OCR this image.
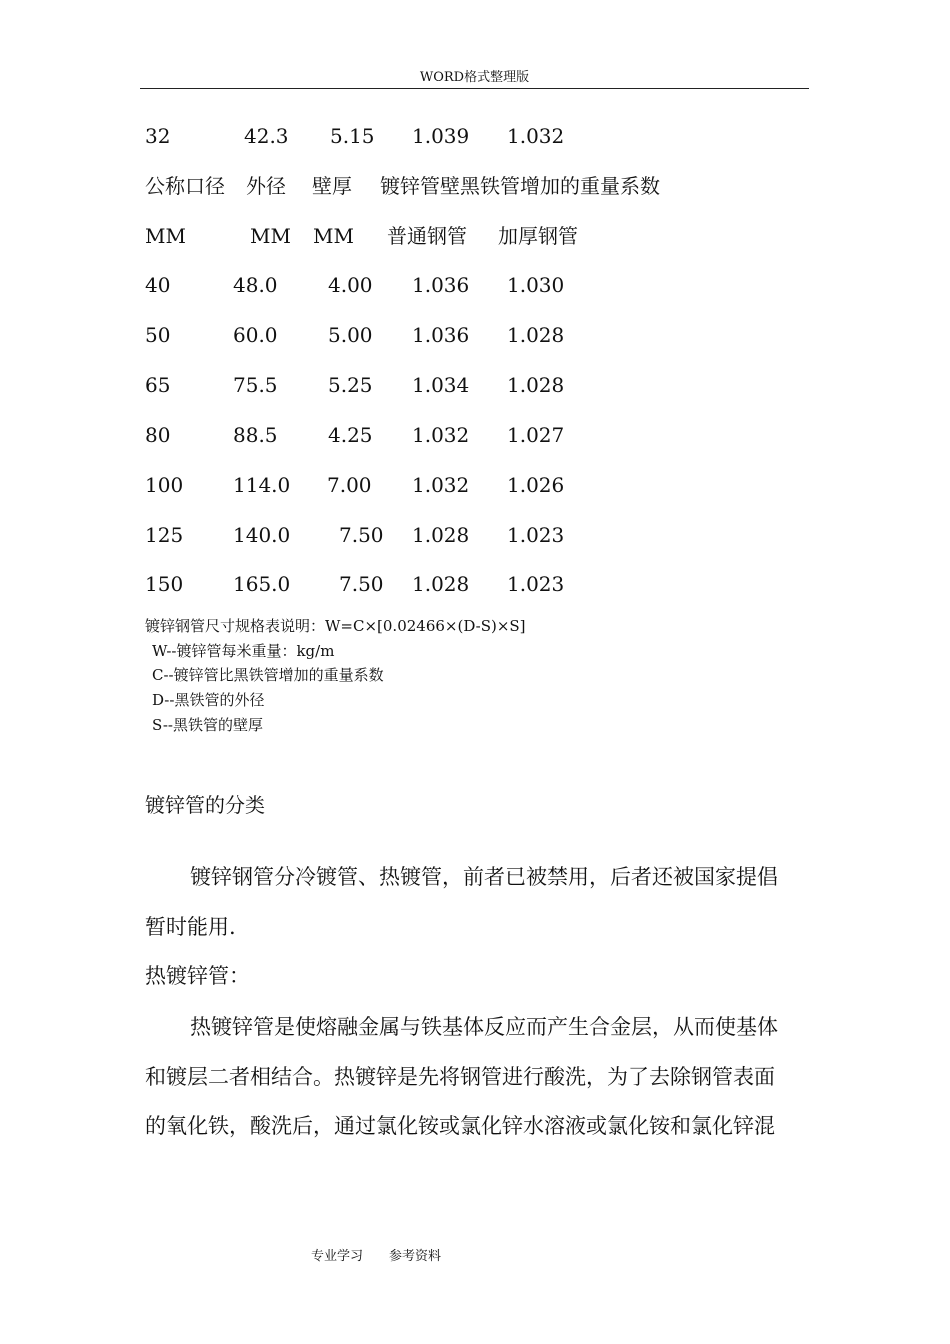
WORD格式整理版
32	42.3 5.15 1.039 1.032
公称口径 外径 壁厚 镀锌管壁黑铁管增加的重量系数
MM	MM MM 普通钢管 加厚钢管
40	48.0	4.00 1.036 1.030
50	60.0	5.00 1.036 1.028
65	75.5	5.25 1.034 1.028
80	88.5	4.25 1.032 1.027
100 114.0 7.00 1.032 1.026
125 140.0 7.50 1.028 1.023
150 165.0 7.50 1.028 1.023
镀锌钢管尺寸规格表说明：W=C×[0.02466×(D-S)×S]
W--镀锌管每米重量：kg/m
C--镀锌管比黑铁管增加的重量系数
D--黑铁管的外径
S--黑铁管的壁厚
镀锌管的分类
镀锌钢管分冷镀管、热镀管，前者已被禁用，后者还被国家提倡
暂时能用.
热镀锌管：
热镀锌管是使熔融金属与铁基体反应而产生合金层，从而使基体
和镀层二者相结合。热镀锌是先将钢管进行酸洗，为了去除钢管表面
的氧化铁，酸洗后，通过氯化铵或氯化锌水溶液或氯化铵和氯化锌混
专业学习 参考资料
